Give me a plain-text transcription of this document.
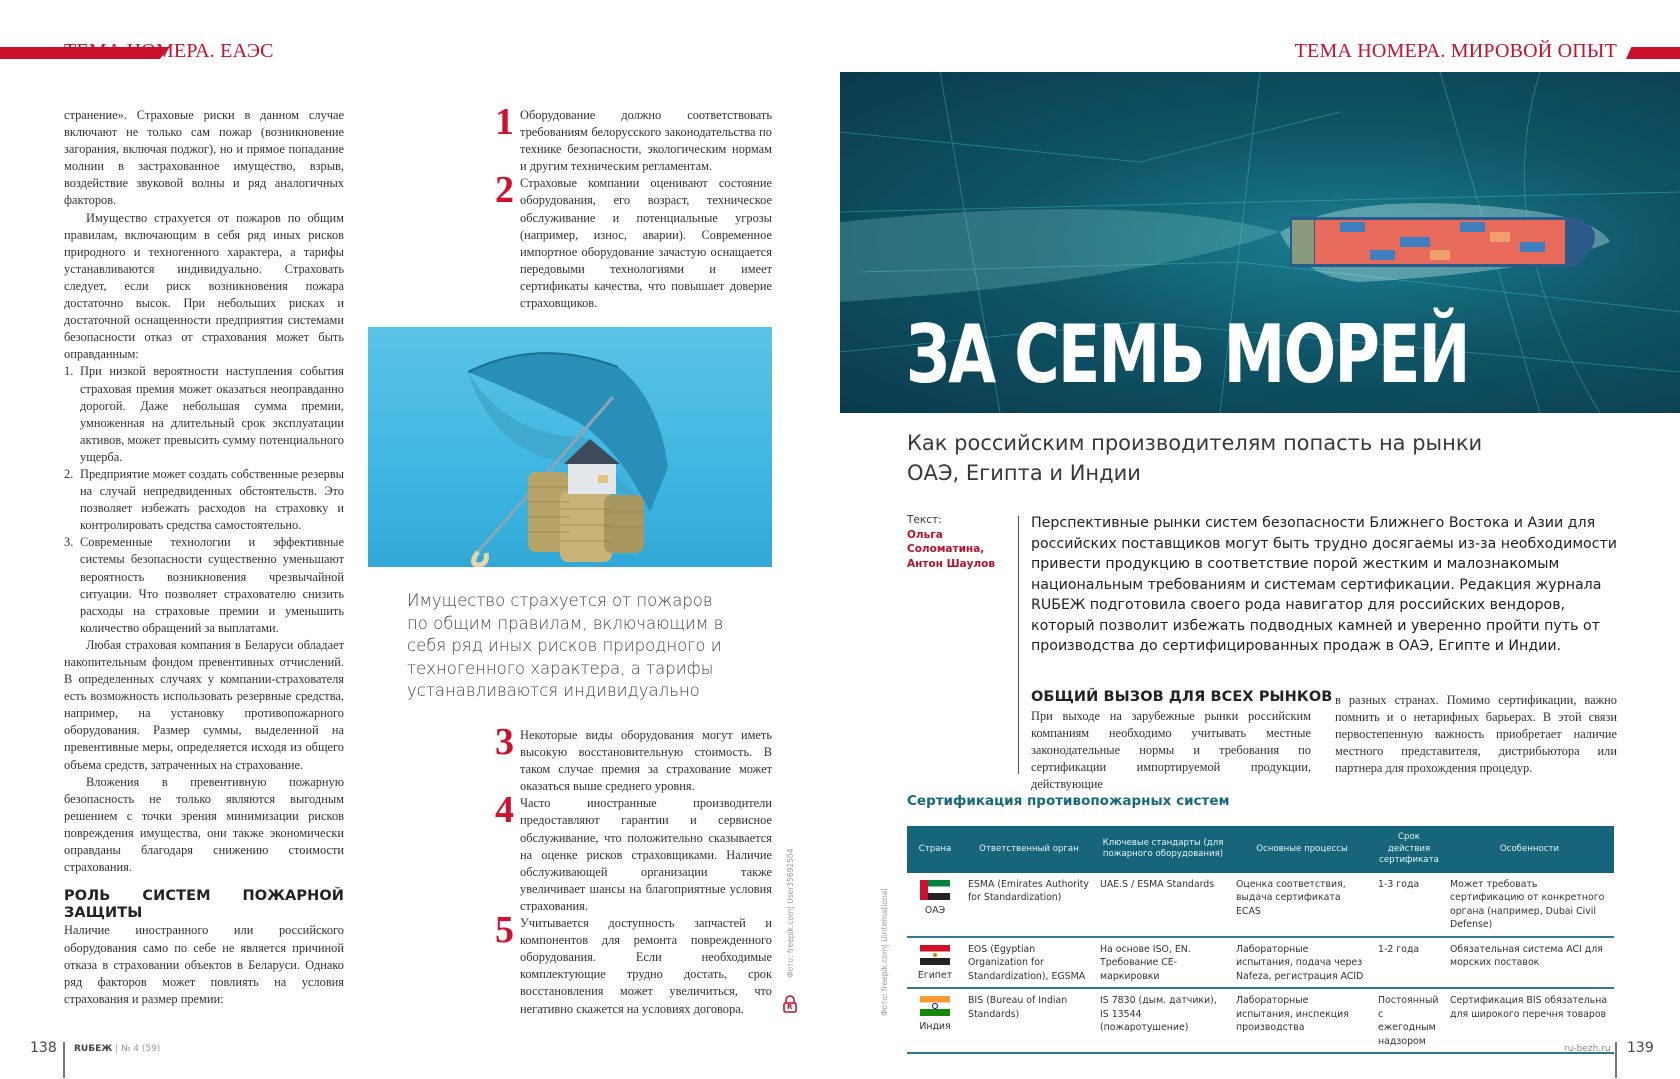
ТЕМА НОМЕРА. ЕАЭС

странение». Страховые риски в данном случае включают не только сам пожар (возникновение загорания, включая поджог), но и прямое попадание молнии в застрахованное имущество, взрыв, воздействие звуковой волны и ряд аналогичных факторов.

Имущество страхуется от пожаров по общим правилам, включающим в себя ряд иных рисков природного и техногенного характера, а тарифы устанавливаются индивидуально. Страховать следует, если риск возникновения пожара достаточно высок. При небольших рисках и достаточной оснащенности предприятия системами безопасности отказ от страхования может быть оправданным:

1. При низкой вероятности наступления события страховая премия может оказаться неоправданно дорогой. Даже небольшая сумма премии, умноженная на длительный срок эксплуатации активов, может превысить сумму потенциального ущерба.
2. Предприятие может создать собственные резервы на случай непредвиденных обстоятельств. Это позволяет избежать расходов на страховку и контролировать средства самостоятельно.
3. Современные технологии и эффективные системы безопасности существенно уменьшают вероятность возникновения чрезвычайной ситуации. Что позволяет страхователю снизить расходы на страховые премии и уменьшить количество обращений за выплатами.

Любая страховая компания в Беларуси обладает накопительным фондом превентивных отчислений. В определенных случаях у компании-страхователя есть возможность использовать резервные средства, например, на установку противопожарного оборудования. Размер суммы, выделенной на превентивные меры, определяется исходя из общего объема средств, затраченных на страхование.

Вложения в превентивную пожарную безопасность не только являются выгодным решением с точки зрения минимизации рисков повреждения имущества, они также экономически оправданы благодаря снижению стоимости страхования.

РОЛЬ СИСТЕМ ПОЖАРНОЙ ЗАЩИТЫ

Наличие иностранного или российского оборудования само по себе не является причиной отказа в страховании объектов в Беларуси. Однако ряд факторов может повлиять на условия страхования и размер премии:

1 Оборудование должно соответствовать требованиям белорусского законодательства по технике безопасности, экологическим нормам и другим техническим регламентам.

2 Страховые компании оценивают состояние оборудования, его возраст, техническое обслуживание и потенциальные угрозы (например, износ, аварии). Современное импортное оборудование зачастую оснащается передовыми технологиями и имеет сертификаты качества, что повышает доверие страховщиков.

Имущество страхуется от пожаров по общим правилам, включающим в себя ряд иных рисков природного и техногенного характера, а тарифы устанавливаются индивидуально
3 Некоторые виды оборудования могут иметь высокую восстановительную стоимость. В таком случае премия за страхование может оказаться выше среднего уровня.

4 Часто иностранные производители предоставляют гарантии и сервисное обслуживание, что положительно сказывается на оценке рисков страховщиками. Наличие обслуживающей организации также увеличивает шансы на благоприятные условия страхования.

5 Учитывается доступность запчастей и компонентов для ремонта поврежденного оборудования. Если необходимые комплектующие трудно достать, срок восстановления может увеличиться, что негативно скажется на условиях договора.

Фото: freepik.com| User35692504
R
138 RUБЕЖ | № 4 (59)
ТЕМА НОМЕРА. МИРОВОЙ ОПЫТ
ЗА СЕМЬ МОРЕЙ
Как российским производителям попасть на рынки
ОАЭ, Египта и Индии
Текст:
Ольга
Соломатина,
Антон Шаулов
Перспективные рынки систем безопасности Ближнего Востока и Азии для российских поставщиков могут быть трудно досягаемы из-за необходимости привести продукцию в соответствие порой жестким и малознакомым национальным требованиям и системам сертификации. Редакция журнала RUБЕЖ подготовила своего рода навигатор для российских вендоров, который позволит избежать подводных камней и уверенно пройти путь от производства до сертифицированных продаж в ОАЭ, Египте и Индии.
ОБЩИЙ ВЫЗОВ ДЛЯ ВСЕХ РЫНКОВ
При выходе на зарубежные рынки российским компаниям необходимо учитывать местные законодательные нормы и требования по сертификации импортируемой продукции, действующие
в разных странах. Помимо сертификации, важно помнить и о нетарифных барьерах. В этой связи первостепенную важность приобретает наличие местного представителя, дистрибьютора или партнера для прохождения процедур.
Фото: freepik.com| Uinternational
Сертификация противопожарных систем
Страна	Ответственный орган	Ключевые стандарты (для пожарного оборудования)	Основные процессы	Срок действия сертификата	Особенности

ОАЭ	ESMA (Emirates Authority for Standardization)	UAE.S / ESMA Standards	Оценка соответствия, выдача сертификата ECAS	1-3 года	Может требовать сертификацию от конкретного органа (например, Dubai Civil Defense)

Египет	EOS (Egyptian Organization for Standardization), EGSMA	На основе ISO, EN. Требование CE-маркировки	Лабораторные испытания, подача через Nafeza, регистрация ACID	1-2 года	Обязательная система ACI для морских поставок

Индия	BIS (Bureau of Indian Standards)	IS 7830 (дым. датчики), IS 13544 (пожаротушение)	Лабораторные испытания, инспекция производства	Постоянный с ежегодным надзором	Сертификация BIS обязательна для широкого перечня товаров
ru-bezh.ru 139
